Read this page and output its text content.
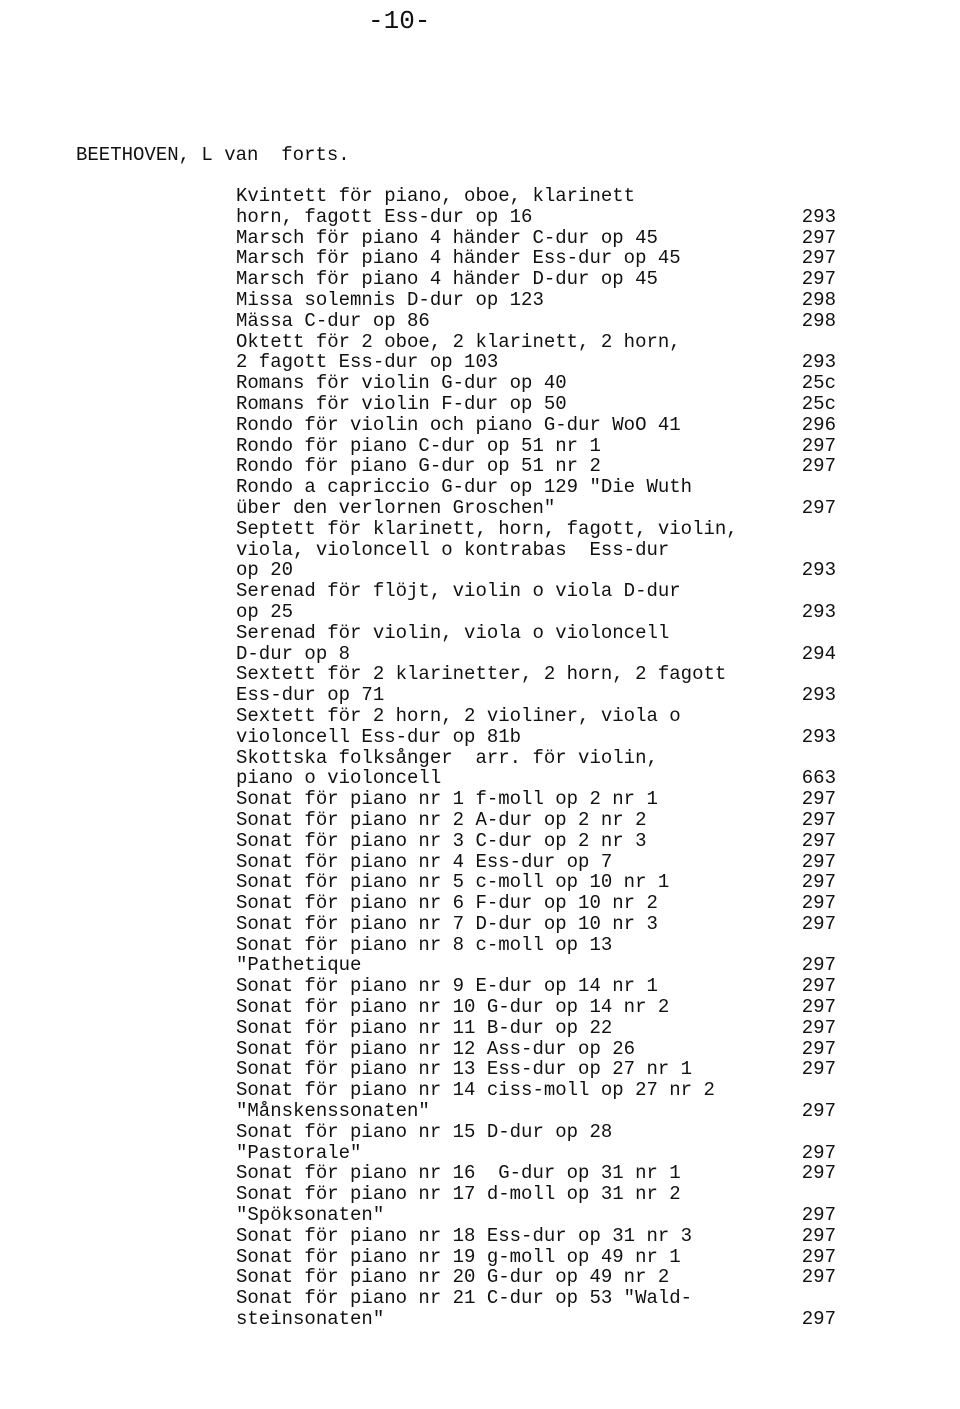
-10-
BEETHOVEN, L van  forts.
Kvintett för piano, oboe, klarinett
horn, fagott Ess-dur op 16	293
Marsch för piano 4 händer C-dur op 45	297
Marsch för piano 4 händer Ess-dur op 45	297
Marsch för piano 4 händer D-dur op 45	297
Missa solemnis D-dur op 123	298
Mässa C-dur op 86	298
Oktett för 2 oboe, 2 klarinett, 2 horn,
2 fagott Ess-dur op 103	293
Romans för violin G-dur op 40	25c
Romans för violin F-dur op 50	25c
Rondo för violin och piano G-dur WoO 41	296
Rondo för piano C-dur op 51 nr 1	297
Rondo för piano G-dur op 51 nr 2	297
Rondo a capriccio G-dur op 129 "Die Wuth
über den verlornen Groschen"	297
Septett för klarinett, horn, fagott, violin,
viola, violoncell o kontrabas  Ess-dur
op 20	293
Serenad för flöjt, violin o viola D-dur
op 25	293
Serenad för violin, viola o violoncell
D-dur op 8	294
Sextett för 2 klarinetter, 2 horn, 2 fagott
Ess-dur op 71	293
Sextett för 2 horn, 2 violiner, viola o
violoncell Ess-dur op 81b	293
Skottska folksånger  arr. för violin,
piano o violoncell	663
Sonat för piano nr 1 f-moll op 2 nr 1	297
Sonat för piano nr 2 A-dur op 2 nr 2	297
Sonat för piano nr 3 C-dur op 2 nr 3	297
Sonat för piano nr 4 Ess-dur op 7	297
Sonat för piano nr 5 c-moll op 10 nr 1	297
Sonat för piano nr 6 F-dur op 10 nr 2	297
Sonat för piano nr 7 D-dur op 10 nr 3	297
Sonat för piano nr 8 c-moll op 13
"Pathetique	297
Sonat för piano nr 9 E-dur op 14 nr 1	297
Sonat för piano nr 10 G-dur op 14 nr 2	297
Sonat för piano nr 11 B-dur op 22	297
Sonat för piano nr 12 Ass-dur op 26	297
Sonat för piano nr 13 Ess-dur op 27 nr 1	297
Sonat för piano nr 14 ciss-moll op 27 nr 2
"Månskenssonaten"	297
Sonat för piano nr 15 D-dur op 28
"Pastorale"	297
Sonat för piano nr 16  G-dur op 31 nr 1	297
Sonat för piano nr 17 d-moll op 31 nr 2
"Spöksonaten"	297
Sonat för piano nr 18 Ess-dur op 31 nr 3	297
Sonat för piano nr 19 g-moll op 49 nr 1	297
Sonat för piano nr 20 G-dur op 49 nr 2	297
Sonat för piano nr 21 C-dur op 53 "Wald-
steinsonaten"	297
